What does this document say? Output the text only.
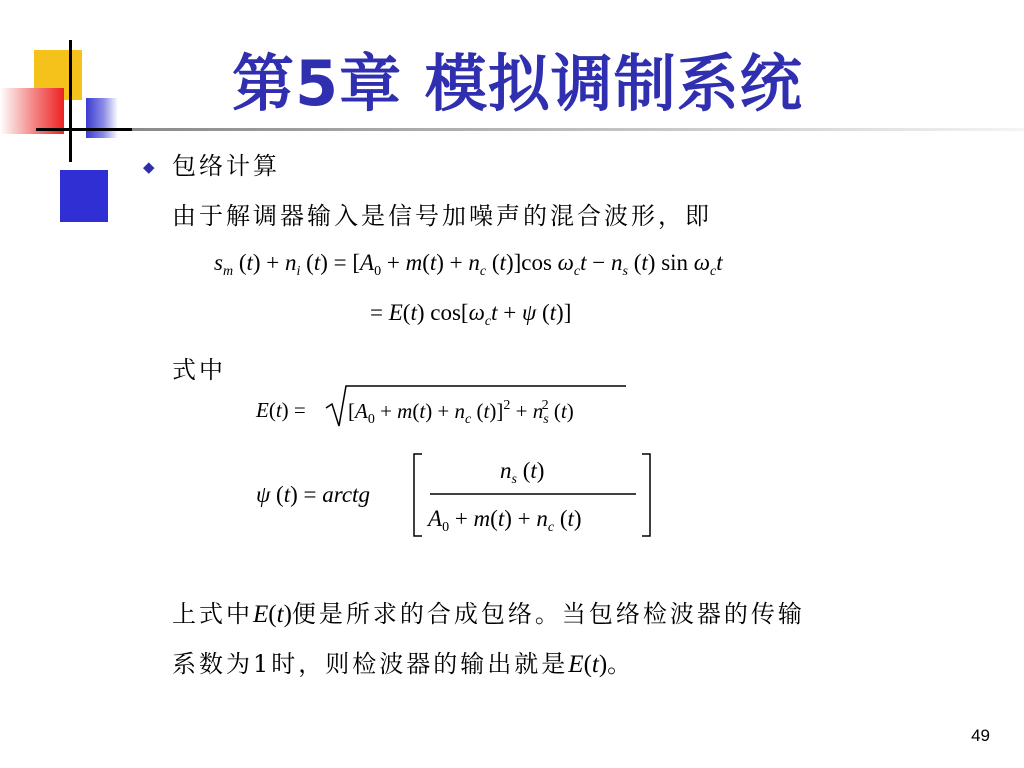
第5章 模拟调制系统
◆ 包络计算
由于解调器输入是信号加噪声的混合波形，即
$s_m$ $(t) + n_i$ $(t) = [A_0 + m(t) + n_c$ (t)]cos $\omega_ct - n_s$ (t) $\sin \omega_ct$
= E(t) $\cos[\omega_ct + \psi$ (t)]
式中
$E(t) = [A_0 + m(t) + n_c$ $(t)]^2 + n_s^2$ (t)
ψ (t) = arctg
$n_s$ (t)
$A_0 + m(t) + n_c$ (t)
上式中E(t)便是所求的合成包络。当包络检波器的传输
系数为1时，则检波器的输出就是E(t)。
49
